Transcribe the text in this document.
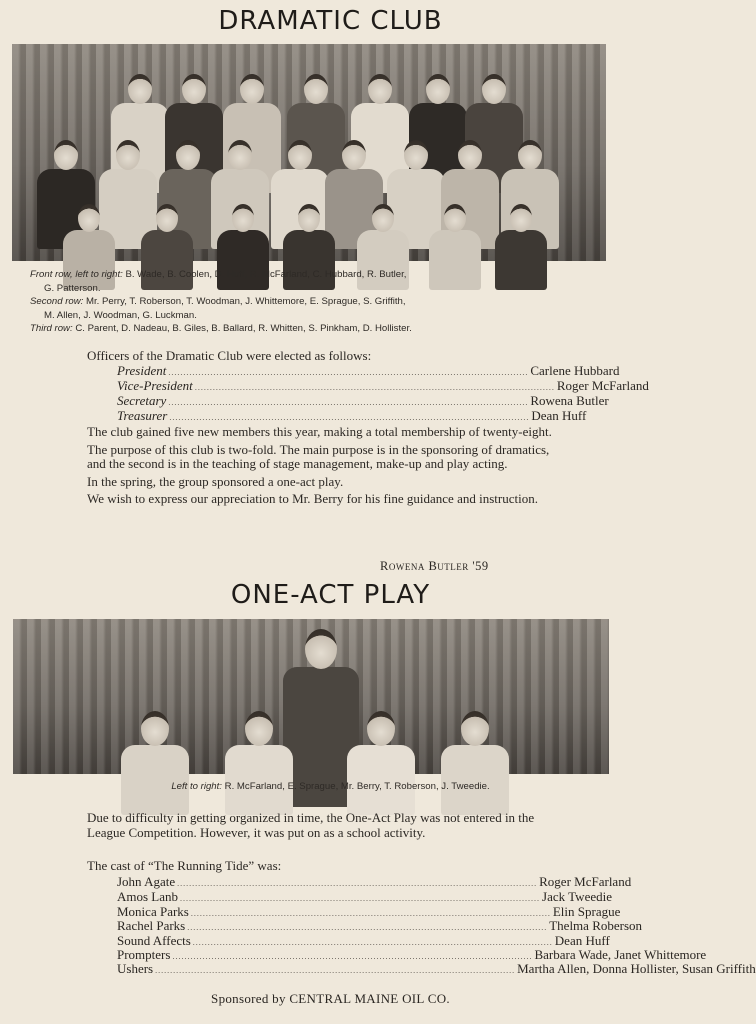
DRAMATIC CLUB
Front row, left to right: B. Wade, B. Coolen, D. Huff, R. McFarland, C. Hubbard, R. Butler,
G. Patterson.
Second row: Mr. Perry, T. Roberson, T. Woodman, J. Whittemore, E. Sprague, S. Griffith,
M. Allen, J. Woodman, G. Luckman.
Third row: C. Parent, D. Nadeau, B. Giles, B. Ballard, R. Whitten, S. Pinkham, D. Hollister.
Officers of the Dramatic Club were elected as follows:
President ........................................................................................................................ Carlene Hubbard
Vice-President ........................................................................................................................ Roger McFarland
Secretary ........................................................................................................................ Rowena Butler
Treasurer ........................................................................................................................ Dean Huff

The club gained five new members this year, making a total membership of twenty-eight.

The purpose of this club is two-fold. The main purpose is in the sponsoring of dramatics, and the second is in the teaching of stage management, make-up and play acting.

In the spring, the group sponsored a one-act play.

We wish to express our appreciation to Mr. Berry for his fine guidance and instruction.

Rowena Butler '59
ONE-ACT PLAY
Left to right: R. McFarland, E. Sprague, Mr. Berry, T. Roberson, J. Tweedie.
Due to difficulty in getting organized in time, the One-Act Play was not entered in the League Competition. However, it was put on as a school activity.
The cast of “The Running Tide” was:
John Agate ........................................................................................................................ Roger McFarland
Amos Lanb ........................................................................................................................ Jack Tweedie
Monica Parks ........................................................................................................................ Elin Sprague
Rachel Parks ........................................................................................................................ Thelma Roberson
Sound Affects ........................................................................................................................ Dean Huff
Prompters ........................................................................................................................ Barbara Wade, Janet Whittemore
Ushers ........................................................................................................................ Martha Allen, Donna Hollister, Susan Griffith
Sponsored by CENTRAL MAINE OIL CO.
